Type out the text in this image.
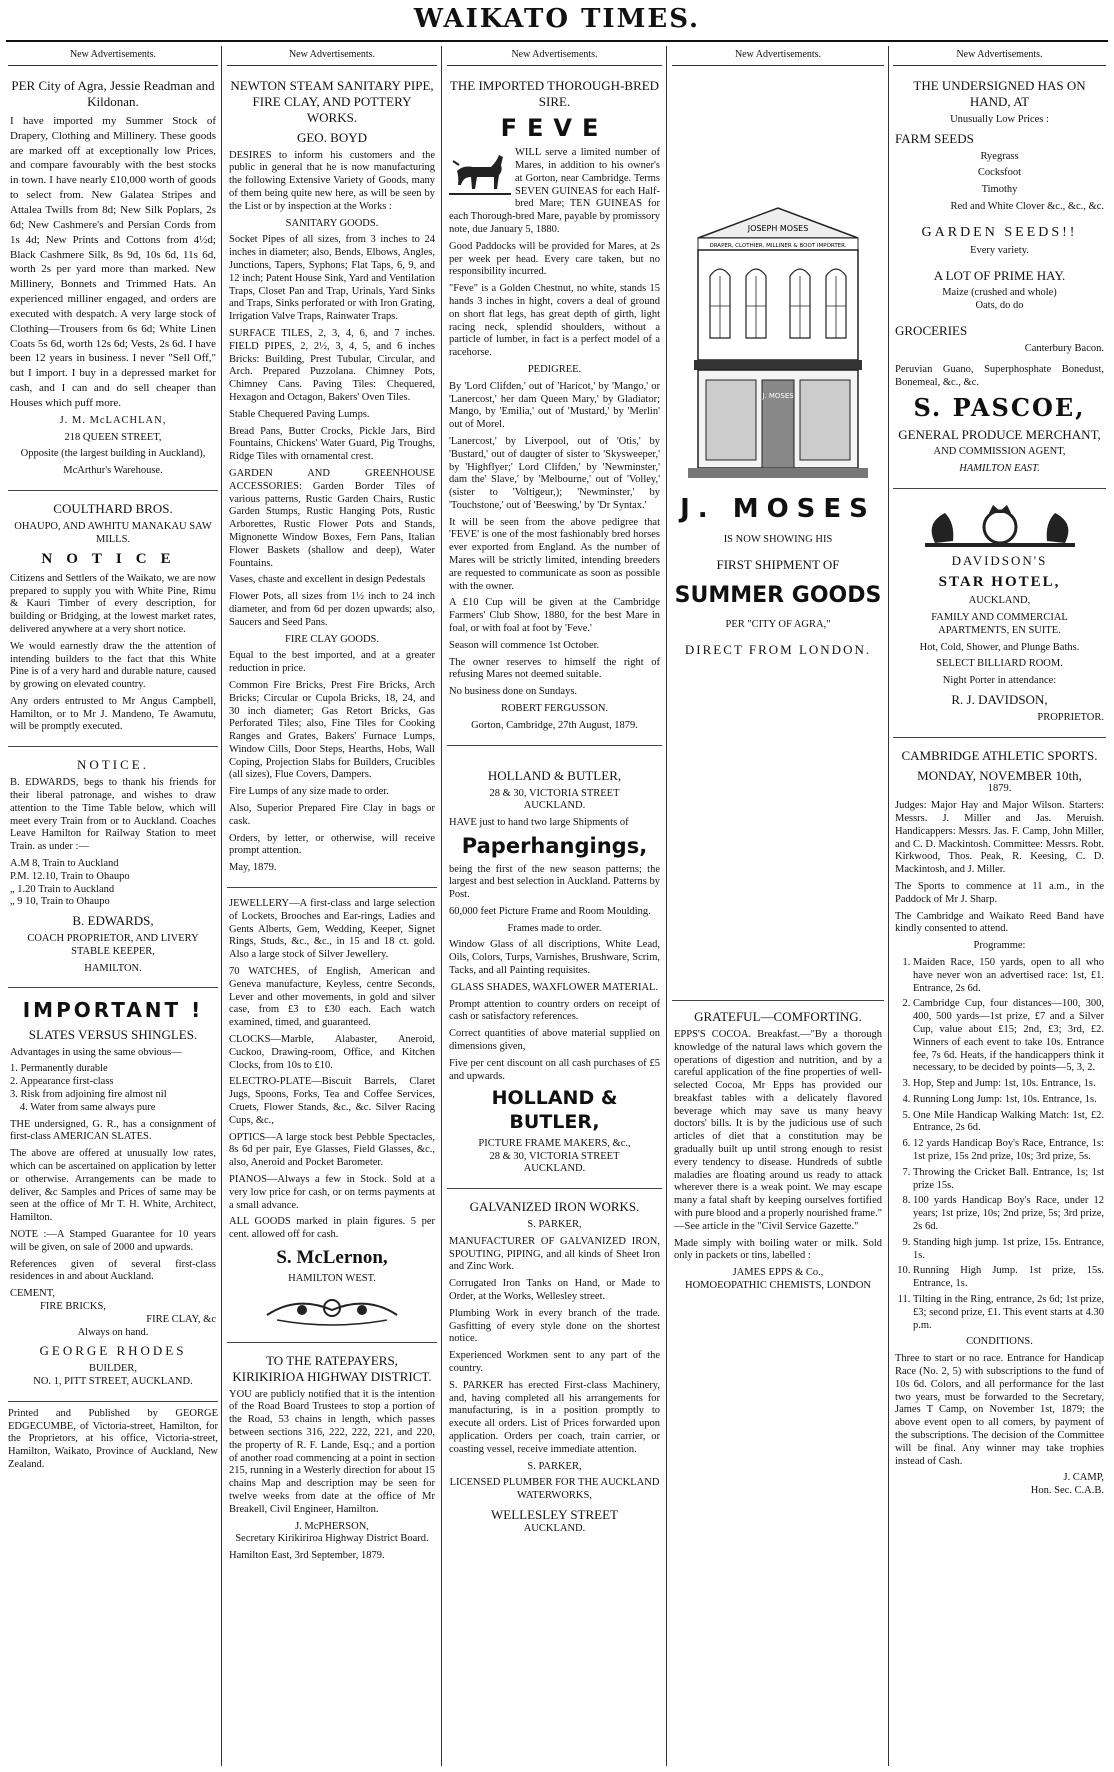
WAIKATO TIMES.
New Advertisements.

PER City of Agra, Jessie Readman and Kildonan.

I have imported my Summer Stock of Drapery, Clothing and Millinery. These goods are marked off at exceptionally low Prices, and compare favourably with the best stocks in town. I have nearly £10,000 worth of goods to select from. New Galatea Stripes and Attalea Twills from 8d; New Silk Poplars, 2s 6d; New Cashmere's and Persian Cords from 1s 4d; New Prints and Cottons from 4½d; Black Cashmere Silk, 8s 9d, 10s 6d, 11s 6d, worth 2s per yard more than marked. New Millinery, Bonnets and Trimmed Hats. An experienced milliner engaged, and orders are executed with despatch. A very large stock of Clothing—Trousers from 6s 6d; White Linen Coats 5s 6d, worth 12s 6d; Vests, 2s 6d. I have been 12 years in business. I never "Sell Off," but I import. I buy in a depressed market for cash, and I can and do sell cheaper than Houses which puff more.

J. M. McLACHLAN,

218 QUEEN STREET,

Opposite (the largest building in Auckland),

McArthur's Warehouse.

COULTHARD BROS.

OHAUPO, AND AWHITU MANAKAU SAW MILLS.

NOTICE

Citizens and Settlers of the Waikato, we are now prepared to supply you with White Pine, Rimu & Kauri Timber of every description, for building or Bridging, at the lowest market rates, delivered anywhere at a very short notice.

We would earnestly draw the the attention of intending builders to the fact that this White Pine is of a very hard and durable nature, caused by growing on elevated country.

Any orders entrusted to Mr Angus Campbell, Hamilton, or to Mr J. Mandeno, Te Awamutu, will be promptly executed.

NOTICE.

B. EDWARDS, begs to thank his friends for their liberal patronage, and wishes to draw attention to the Time Table below, which will meet every Train from or to Auckland. Coaches Leave Hamilton for Railway Station to meet Train. as under :—

A.M 8, Train to Auckland

P.M. 12.10, Train to Ohaupo

„ 1.20 Train to Auckland

„ 9 10, Train to Ohaupo

B. EDWARDS,

COACH PROPRIETOR, AND LIVERY STABLE KEEPER,

HAMILTON.

IMPORTANT !

SLATES VERSUS SHINGLES.

Advantages in using the same obvious—

1. Permanently durable

2. Appearance first-class

3. Risk from adjoining fire almost nil

4. Water from same always pure

THE undersigned, G. R., has a consignment of first-class AMERICAN SLATES.

The above are offered at unusually low rates, which can be ascertained on application by letter or otherwise. Arrangements can be made to deliver, &c Samples and Prices of same may be seen at the office of Mr T. H. White, Architect, Hamilton.

NOTE :—A Stamped Guarantee for 10 years will be given, on sale of 2000 and upwards.

References given of several first-class residences in and about Auckland.

CEMENT,

FIRE BRICKS,

FIRE CLAY, &c

Always on hand.

GEORGE RHODES

BUILDER,

NO. 1, PITT STREET, AUCKLAND.

Printed and Published by GEORGE EDGECUMBE, of Victoria-street, Hamilton, for the Proprietors, at his office, Victoria-street, Hamilton, Waikato, Province of Auckland, New Zealand.

New Advertisements.

NEWTON STEAM SANITARY PIPE, FIRE CLAY, AND POTTERY WORKS.

GEO. BOYD

DESIRES to inform his customers and the public in general that he is now manufacturing the following Extensive Variety of Goods, many of them being quite new here, as will be seen by the List or by inspection at the Works :

SANITARY GOODS.

Socket Pipes of all sizes, from 3 inches to 24 inches in diameter; also, Bends, Elbows, Angles, Junctions, Tapers, Syphons; Flat Taps, 6, 9, and 12 inch; Patent House Sink, Yard and Ventilation Traps, Closet Pan and Trap, Urinals, Yard Sinks and Traps, Sinks perforated or with Iron Grating, Irrigation Valve Traps, Rainwater Traps.

SURFACE TILES, 2, 3, 4, 6, and 7 inches. FIELD PIPES, 2, 2½, 3, 4, 5, and 6 inches Bricks: Building, Prest Tubular, Circular, and Arch. Prepared Puzzolana. Chimney Pots, Chimney Cans. Paving Tiles: Chequered, Hexagon and Octagon, Bakers' Oven Tiles.

Stable Chequered Paving Lumps.

Bread Pans, Butter Crocks, Pickle Jars, Bird Fountains, Chickens' Water Guard, Pig Troughs, Ridge Tiles with ornamental crest.

GARDEN AND GREENHOUSE ACCESSORIES: Garden Border Tiles of various patterns, Rustic Garden Chairs, Rustic Garden Stumps, Rustic Hanging Pots, Rustic Arborettes, Rustic Flower Pots and Stands, Mignonette Window Boxes, Fern Pans, Italian Flower Baskets (shallow and deep), Water Fountains.

Vases, chaste and excellent in design Pedestals

Flower Pots, all sizes from 1½ inch to 24 inch diameter, and from 6d per dozen upwards; also, Saucers and Seed Pans.

FIRE CLAY GOODS.

Equal to the best imported, and at a greater reduction in price.

Common Fire Bricks, Prest Fire Bricks, Arch Bricks; Circular or Cupola Bricks, 18, 24, and 30 inch diameter; Gas Retort Bricks, Gas Perforated Tiles; also, Fine Tiles for Cooking Ranges and Grates, Bakers' Furnace Lumps, Window Cills, Door Steps, Hearths, Hobs, Wall Coping, Projection Slabs for Builders, Crucibles (all sizes), Flue Covers, Dampers.

Fire Lumps of any size made to order.

Also, Superior Prepared Fire Clay in bags or cask.

Orders, by letter, or otherwise, will receive prompt attention.

May, 1879.

JEWELLERY—A first-class and large selection of Lockets, Brooches and Ear-rings, Ladies and Gents Alberts, Gem, Wedding, Keeper, Signet Rings, Studs, &c., &c., in 15 and 18 ct. gold. Also a large stock of Silver Jewellery.

70 WATCHES, of English, American and Geneva manufacture, Keyless, centre Seconds, Lever and other movements, in gold and silver case, from £3 to £30 each. Each watch examined, timed, and guaranteed.

CLOCKS—Marble, Alabaster, Aneroid, Cuckoo, Drawing-room, Office, and Kitchen Clocks, from 10s to £10.

ELECTRO-PLATE—Biscuit Barrels, Claret Jugs, Spoons, Forks, Tea and Coffee Services, Cruets, Flower Stands, &c., &c. Silver Racing Cups, &c.,

OPTICS—A large stock best Pebble Spectacles, 8s 6d per pair, Eye Glasses, Field Glasses, &c., also, Aneroid and Pocket Barometer.

PIANOS—Always a few in Stock. Sold at a very low price for cash, or on terms payments at a small advance.

ALL GOODS marked in plain figures. 5 per cent. allowed off for cash.

S. McLernon,

HAMILTON WEST.

TO THE RATEPAYERS, KIRIKIRIOA HIGHWAY DISTRICT.

YOU are publicly notified that it is the intention of the Road Board Trustees to stop a portion of the Road, 53 chains in length, which passes between sections 316, 222, 222, 221, and 220, the property of R. F. Lande, Esq.; and a portion of another road commencing at a point in section 215, running in a Westerly direction for about 15 chains Map and description may be seen for twelve weeks from date at the office of Mr Breakell, Civil Engineer, Hamilton.

J. McPHERSON,

Secretary Kirikiriroa Highway District Board.

Hamilton East, 3rd September, 1879.

New Advertisements.

THE IMPORTED THOROUGH-BRED SIRE.

FEVE

WILL serve a limited number of Mares, in addition to his owner's at Gorton, near Cambridge. Terms SEVEN GUINEAS for each Half-bred Mare; TEN GUINEAS for each Thorough-bred Mare, payable by promissory note, due January 5, 1880.

Good Paddocks will be provided for Mares, at 2s per week per head. Every care taken, but no responsibility incurred.

"Feve" is a Golden Chestnut, no white, stands 15 hands 3 inches in hight, covers a deal of ground on short flat legs, has great depth of girth, light racing neck, splendid shoulders, without a particle of lumber, in fact is a perfect model of a racehorse.

PEDIGREE.

By 'Lord Clifden,' out of 'Haricot,' by 'Mango,' or 'Lanercost,' her dam Queen Mary,' by Gladiator; Mango, by 'Emilia,' out of 'Mustard,' by 'Merlin' out of Morel.

'Lanercost,' by Liverpool, out of 'Otis,' by 'Bustard,' out of daugter of sister to 'Skysweeper,' by 'Highflyer;' Lord Clifden,' by 'Newminster,' dam the' Slave,' by 'Melbourne,' out of 'Volley,' (sister to 'Voltigeur,); 'Newminster,' by 'Touchstone,' out of 'Beeswing,' by 'Dr Syntax.'

It will be seen from the above pedigree that 'FEVE' is one of the most fashionably bred horses ever exported from England. As the number of Mares will be strictly limited, intending breeders are requested to communicate as soon as possible with the owner.

A £10 Cup will be given at the Cambridge Farmers' Club Show, 1880, for the best Mare in foal, or with foal at foot by 'Feve.'

Season will commence 1st October.

The owner reserves to himself the right of refusing Mares not deemed suitable.

No business done on Sundays.

ROBERT FERGUSSON.

Gorton, Cambridge, 27th August, 1879.

HOLLAND & BUTLER,

28 & 30, VICTORIA STREET

AUCKLAND.

HAVE just to hand two large Shipments of

Paperhangings,

being the first of the new season patterns; the largest and best selection in Auckland. Patterns by Post.

60,000 feet Picture Frame and Room Moulding.

Frames made to order.

Window Glass of all discriptions, White Lead, Oils, Colors, Turps, Varnishes, Brushware, Scrim, Tacks, and all Painting requisites.

GLASS SHADES, WAXFLOWER MATERIAL.

Prompt attention to country orders on receipt of cash or satisfactory references.

Correct quantities of above material supplied on dimensions given,

Five per cent discount on all cash purchases of £5 and upwards.

HOLLAND & BUTLER,

PICTURE FRAME MAKERS, &c.,

28 & 30, VICTORIA STREET

AUCKLAND.

GALVANIZED IRON WORKS.

S. PARKER,

MANUFACTURER OF GALVANIZED IRON, SPOUTING, PIPING, and all kinds of Sheet Iron and Zinc Work.

Corrugated Iron Tanks on Hand, or Made to Order, at the Works, Wellesley street.

Plumbing Work in every branch of the trade. Gasfitting of every style done on the shortest notice.

Experienced Workmen sent to any part of the country.

S. PARKER has erected First-class Machinery, and, having completed all his arrangements for manufacturing, is in a position promptly to execute all orders. List of Prices forwarded upon application. Orders per coach, train carrier, or coasting vessel, receive immediate attention.

S. PARKER,

LICENSED PLUMBER FOR THE AUCKLAND WATERWORKS,

WELLESLEY STREET

AUCKLAND.

New Advertisements.
JOSEPH MOSES
DRAPER, CLOTHIER, MILLINER & BOOT IMPORTER.
J. MOSES

J. MOSES

IS NOW SHOWING HIS

FIRST SHIPMENT OF

SUMMER GOODS

PER "CITY OF AGRA,"

DIRECT FROM LONDON.

GRATEFUL—COMFORTING.

EPPS'S COCOA. Breakfast.—"By a thorough knowledge of the natural laws which govern the operations of digestion and nutrition, and by a careful application of the fine properties of well-selected Cocoa, Mr Epps has provided our breakfast tables with a delicately flavored beverage which may save us many heavy doctors' bills. It is by the judicious use of such articles of diet that a constitution may be gradually built up until strong enough to resist every tendency to disease. Hundreds of subtle maladies are floating around us ready to attack wherever there is a weak point. We may escape many a fatal shaft by keeping ourselves fortified with pure blood and a properly nourished frame." —See article in the "Civil Service Gazette."

Made simply with boiling water or milk. Sold only in packets or tins, labelled :

JAMES EPPS & Co.,

HOMOEOPATHIC CHEMISTS, LONDON

New Advertisements.

THE UNDERSIGNED HAS ON HAND, AT

Unusually Low Prices :

FARM SEEDS

Ryegrass

Cocksfoot

Timothy

Red and White Clover &c., &c., &c.

GARDEN SEEDS!!

Every variety.

A LOT OF PRIME HAY.

Maize (crushed and whole)

Oats, do do

GROCERIES

Canterbury Bacon.

Peruvian Guano, Superphosphate Bonedust, Bonemeal, &c., &c.

S. PASCOE,

GENERAL PRODUCE MERCHANT,

AND COMMISSION AGENT,

HAMILTON EAST.

DAVIDSON'S

STAR HOTEL,

AUCKLAND,

FAMILY AND COMMERCIAL APARTMENTS, EN SUITE.

Hot, Cold, Shower, and Plunge Baths.

SELECT BILLIARD ROOM.

Night Porter in attendance:

R. J. DAVIDSON,

PROPRIETOR.

CAMBRIDGE ATHLETIC SPORTS.

MONDAY, NOVEMBER 10th,

1879.

Judges: Major Hay and Major Wilson. Starters: Messrs. J. Miller and Jas. Meruish. Handicappers: Messrs. Jas. F. Camp, John Miller, and C. D. Mackintosh. Committee: Messrs. Robt. Kirkwood, Thos. Peak, R. Keesing, C. D. Mackintosh, and J. Miller.

The Sports to commence at 11 a.m., in the Paddock of Mr J. Sharp.

The Cambridge and Waikato Reed Band have kindly consented to attend.

Programme:

1. Maiden Race, 150 yards, open to all who have never won an advertised race: 1st, £1. Entrance, 2s 6d.
2. Cambridge Cup, four distances—100, 300, 400, 500 yards—1st prize, £7 and a Silver Cup, value about £15; 2nd, £3; 3rd, £2. Winners of each event to take 10s. Entrance fee, 7s 6d. Heats, if the handicappers think it necessary, to be decided by points—5, 3, 2.
3. Hop, Step and Jump: 1st, 10s. Entrance, 1s.
4. Running Long Jump: 1st, 10s. Entrance, 1s.
5. One Mile Handicap Walking Match: 1st, £2. Entrance, 2s 6d.
6. 12 yards Handicap Boy's Race, Entrance, 1s: 1st prize, 15s 2nd prize, 10s; 3rd prize, 5s.
7. Throwing the Cricket Ball. Entrance, 1s; 1st prize 15s.
8. 100 yards Handicap Boy's Race, under 12 years; 1st prize, 10s; 2nd prize, 5s; 3rd prize, 2s 6d.
9. Standing high jump. 1st prize, 15s. Entrance, 1s.
10. Running High Jump. 1st prize, 15s. Entrance, 1s.
11. Tilting in the Ring, entrance, 2s 6d; 1st prize, £3; second prize, £1. This event starts at 4.30 p.m.

CONDITIONS.

Three to start or no race. Entrance for Handicap Race (No. 2, 5) with subscriptions to the fund of 10s 6d. Colors, and all performance for the last two years, must be forwarded to the Secretary, James T Camp, on November 1st, 1879; the above event open to all comers, by payment of the subscriptions. The decision of the Committee will be final. Any winner may take trophies instead of Cash.

J. CAMP,

Hon. Sec. C.A.B.
